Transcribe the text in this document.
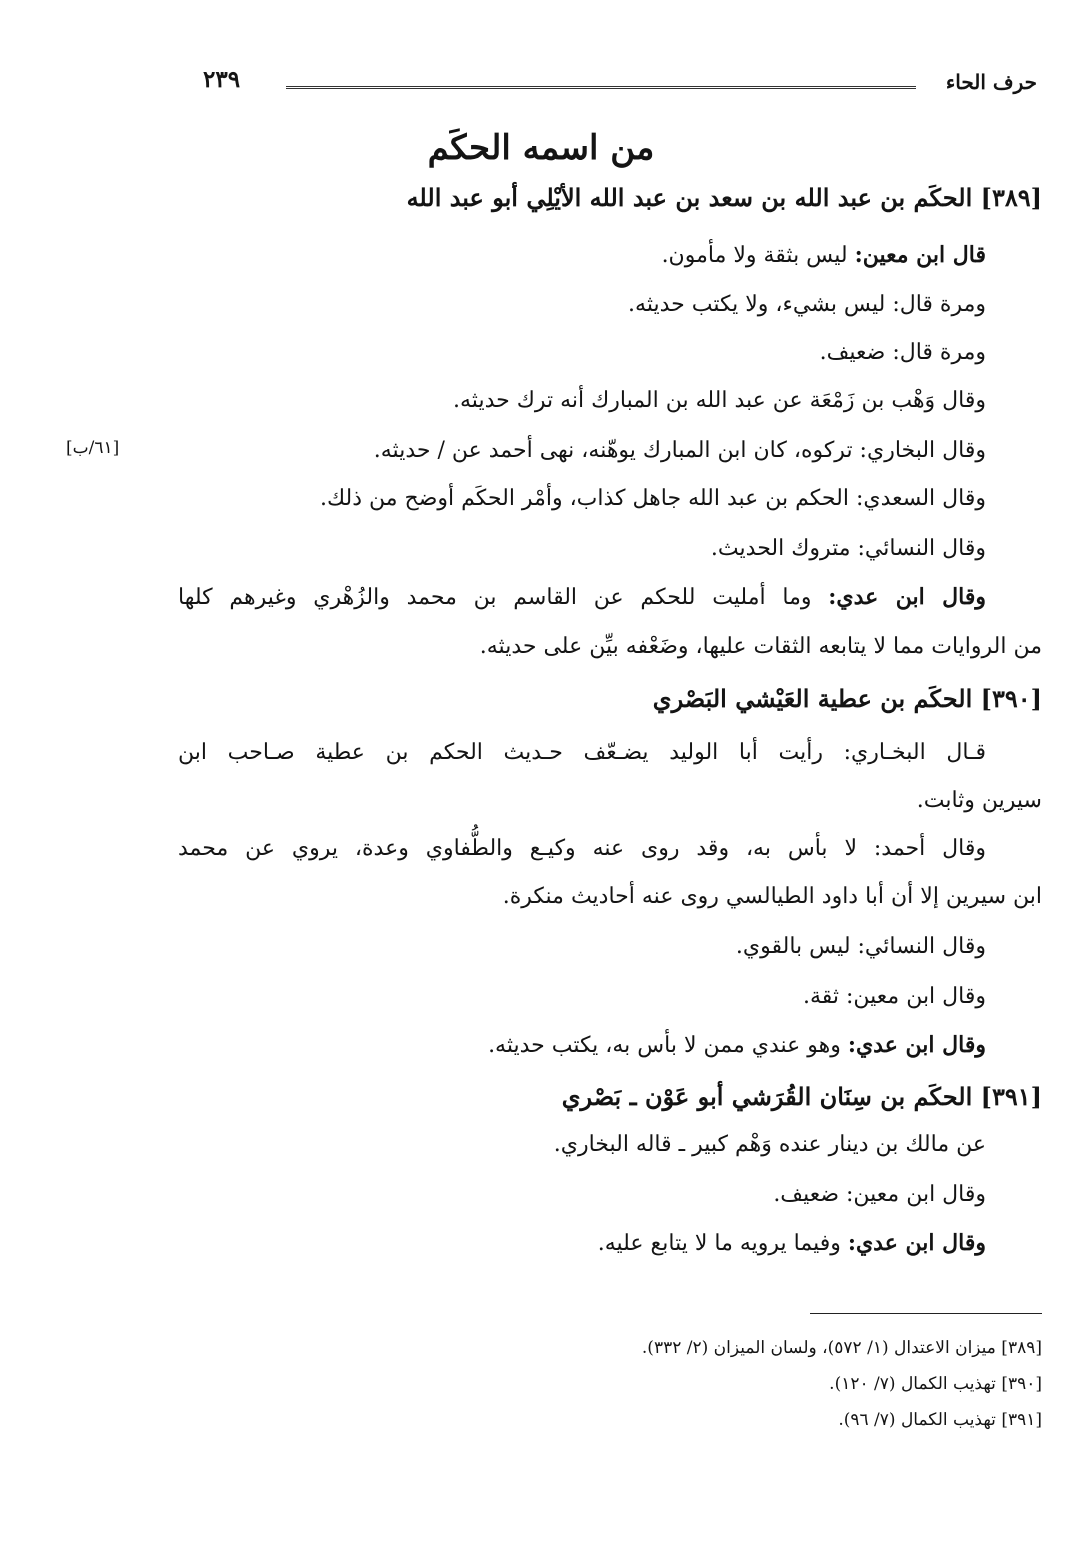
حرف الحاء
٢٣٩
من اسمه الحكَم
[٣٨٩] الحكَم بن عبد الله بن سعد بن عبد الله الأيْلِي أبو عبد الله
قال ابن معين: ليس بثقة ولا مأمون.
ومرة قال: ليس بشيء، ولا يكتب حديثه.
ومرة قال: ضعيف.
وقال وَهْب بن زَمْعَة عن عبد الله بن المبارك أنه ترك حديثه.
وقال البخاري: تركوه، كان ابن المبارك يوهّنه، نهى أحمد عن / حديثه.
[٦١/ب]
وقال السعدي: الحكم بن عبد الله جاهل كذاب، وأمْر الحكَم أوضح من ذلك.
وقال النسائي: متروك الحديث.
وقال ابن عدي: وما أمليت للحكم عن القاسم بن محمد والزُهْري وغيرهم كلها
من الروايات مما لا يتابعه الثقات عليها، وضَعْفه بيِّن على حديثه.
[٣٩٠] الحكَم بن عطية العَيْشي البَصْري
قـال البخـاري: رأيت أبا الوليد يضـعّف حـديث الحكم بن عطية صـاحب ابن
سيرين وثابت.
وقال أحمد: لا بأس به، وقد روى عنه وكيـع والطُّفاوي وعدة، يروي عن محمد
ابن سيرين إلا أن أبا داود الطيالسي روى عنه أحاديث منكرة.
وقال النسائي: ليس بالقوي.
وقال ابن معين: ثقة.
وقال ابن عدي: وهو عندي ممن لا بأس به، يكتب حديثه.
[٣٩١] الحكَم بن سِنَان القُرَشي أبو عَوْن ـ بَصْري
عن مالك بن دينار عنده وَهْم كبير ـ قاله البخاري.
وقال ابن معين: ضعيف.
وقال ابن عدي: وفيما يرويه ما لا يتابع عليه.
[٣٨٩] ميزان الاعتدال (١/ ٥٧٢)، ولسان الميزان (٢/ ٣٣٢).
[٣٩٠] تهذيب الكمال (٧/ ١٢٠).
[٣٩١] تهذيب الكمال (٧/ ٩٦).
